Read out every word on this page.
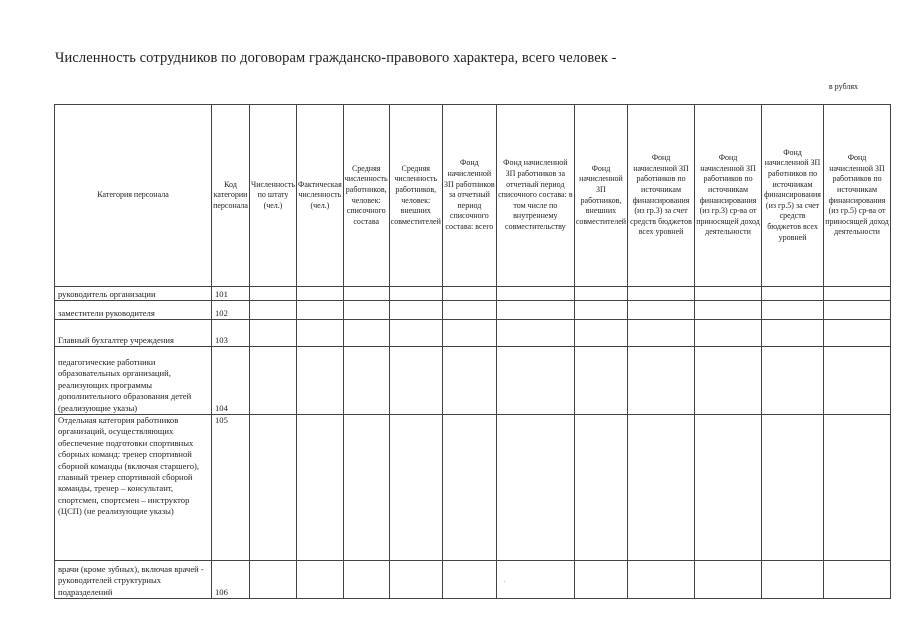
Численность сотрудников по договорам гражданско-правового характера, всего человек -
в рублях
Категория персонала	Код категории персонала	Численность по штату (чел.)	Фактическая численность (чел.)	Средняя численность работников, человек: списочного состава	Средняя численность работников, человек: внешних совместителей	Фонд начисленной ЗП работников за отчетный период списочного состава: всего	Фонд начисленной ЗП работников за отчетный период списочного состава: в том числе по внутреннему совместительству	Фонд начисленной ЗП работников, внешних совместителей	Фонд начисленной ЗП работников по источникам финансирования (из гр.3) за счет средств бюджетов всех уровней	Фонд начисленной ЗП работников по источникам финансирования (из гр.3) ср-ва от приносящей доход деятельности	Фонд начисленной ЗП работников по источникам финансирования (из гр.5) за счет средств бюджетов всех уровней	Фонд начисленной ЗП работников по источникам финансирования (из гр.5) ср-ва от приносящей доход деятельности
руководитель организации	101											
заместители руководителя	102											
Главный бухгалтер учреждения	103											
педагогические работники образовательных организаций, реализующих программы дополнительного образования детей (реализующие указы)	104											
Отдельная категория работников организаций, осуществляющих обеспечение подготовки спортивных сборных команд: тренер спортивной сборной команды (включая старшего), главный тренер спортивной сборной команды, тренер – консультант, спортсмен, спортсмен – инструктор (ЦСП) (не реализующие указы)	105											
врачи (кроме зубных), включая врачей - руководителей структурных подразделений	106											
·
